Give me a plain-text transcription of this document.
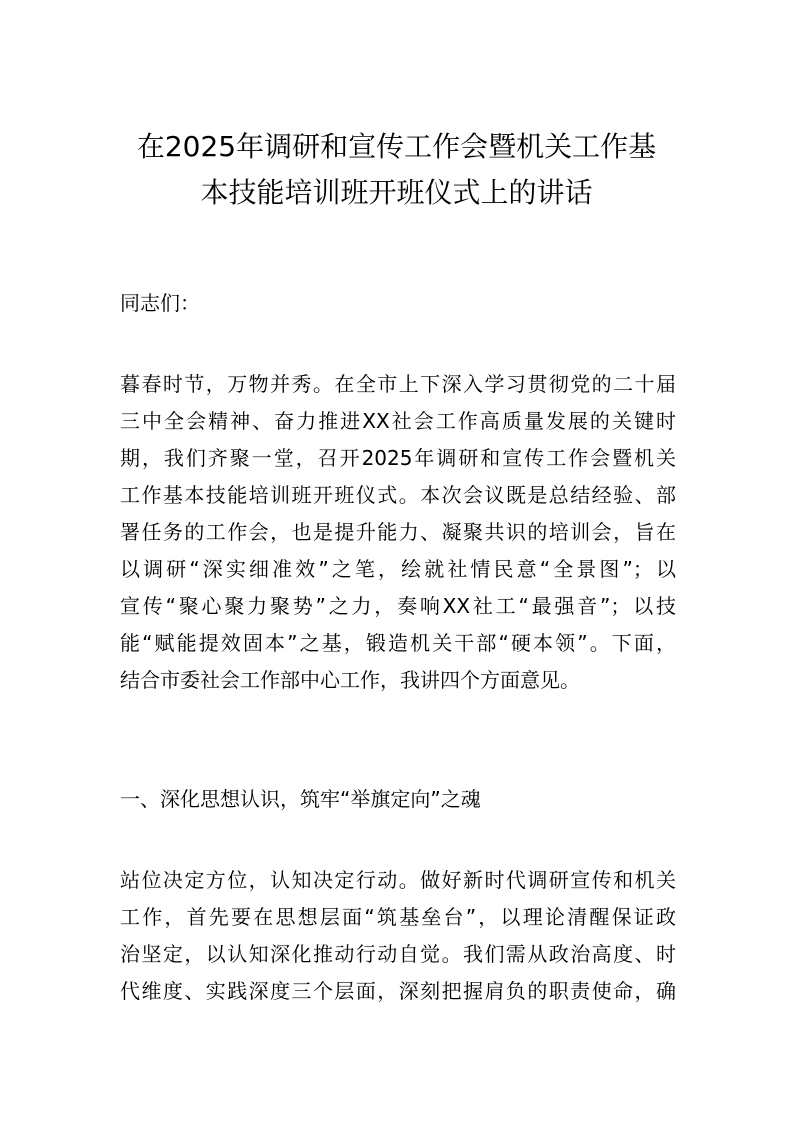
在2025年调研和宣传工作会暨机关工作基
本技能培训班开班仪式上的讲话

同志们：

暮春时节，万物并秀。在全市上下深入学习贯彻党的二十届
三中全会精神、奋力推进XX社会工作高质量发展的关键时
期，我们齐聚一堂，召开2025年调研和宣传工作会暨机关
工作基本技能培训班开班仪式。本次会议既是总结经验、部
署任务的工作会，也是提升能力、凝聚共识的培训会，旨在
以调研“深实细准效”之笔，绘就社情民意“全景图”；以
宣传“聚心聚力聚势”之力，奏响XX社工“最强音”；以技
能“赋能提效固本”之基，锻造机关干部“硬本领”。下面，
结合市委社会工作部中心工作，我讲四个方面意见。

一、深化思想认识，筑牢“举旗定向”之魂

站位决定方位，认知决定行动。做好新时代调研宣传和机关
工作，首先要在思想层面“筑基垒台”，以理论清醒保证政
治坚定，以认知深化推动行动自觉。我们需从政治高度、时
代维度、实践深度三个层面，深刻把握肩负的职责使命，确
